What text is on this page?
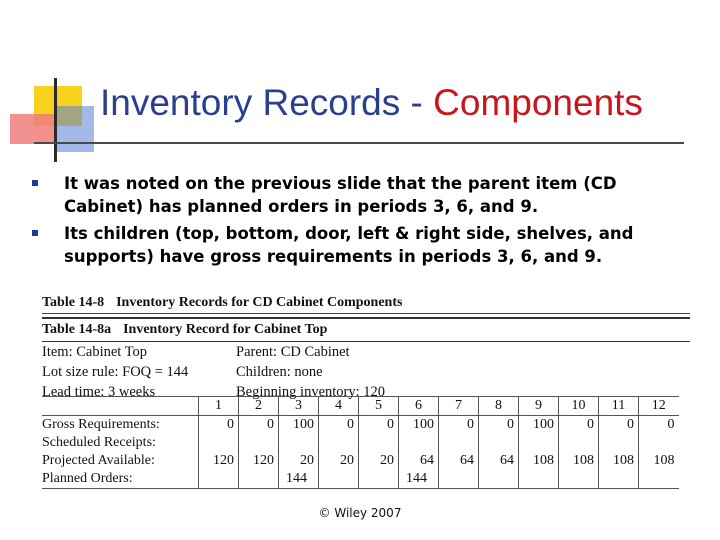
Inventory Records - Components
It was noted on the previous slide that the parent item (CD Cabinet) has planned orders in periods 3, 6, and 9.
Its children (top, bottom, door, left & right side, shelves, and supports) have gross requirements in periods 3, 6, and 9.
Table 14-8 Inventory Records for CD Cabinet Components
Table 14-8a Inventory Record for Cabinet Top
Item: Cabinet Top	Parent: CD Cabinet
Lot size rule: FOQ = 144	Children: none
Lead time: 3 weeks	Beginning inventory: 120
	1	2	3	4	5	6	7	8	9	10	11	12
Gross Requirements:	0	0	100	0	0	100	0	0	100	0	0	0
Scheduled Receipts:												
Projected Available:	120	120	20	20	20	64	64	64	108	108	108	108
Planned Orders:			144			144						
© Wiley 2007
